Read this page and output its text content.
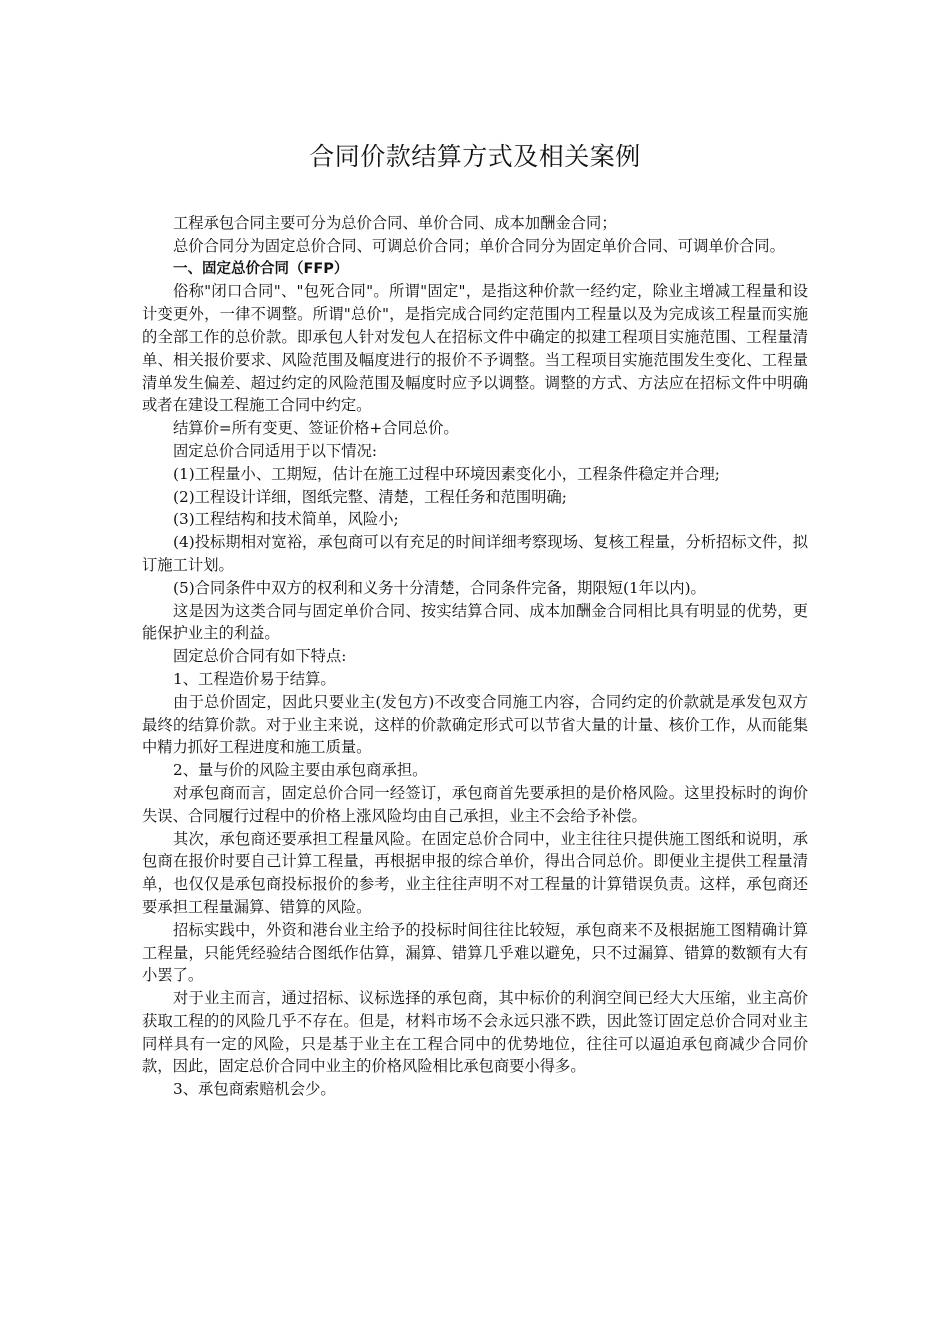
合同价款结算方式及相关案例

工程承包合同主要可分为总价合同、单价合同、成本加酬金合同；

总价合同分为固定总价合同、可调总价合同；单价合同分为固定单价合同、可调单价合同。

一、固定总价合同（FFP）

俗称"闭口合同"、"包死合同"。所谓"固定"，是指这种价款一经约定，除业主增减工程量和设计变更外，一律不调整。所谓"总价"，是指完成合同约定范围内工程量以及为完成该工程量而实施的全部工作的总价款。即承包人针对发包人在招标文件中确定的拟建工程项目实施范围、工程量清单、相关报价要求、风险范围及幅度进行的报价不予调整。当工程项目实施范围发生变化、工程量清单发生偏差、超过约定的风险范围及幅度时应予以调整。调整的方式、方法应在招标文件中明确或者在建设工程施工合同中约定。

结算价=所有变更、签证价格+合同总价。

固定总价合同适用于以下情况:

(1)工程量小、工期短，估计在施工过程中环境因素变化小，工程条件稳定并合理;

(2)工程设计详细，图纸完整、清楚，工程任务和范围明确;

(3)工程结构和技术简单，风险小;

(4)投标期相对宽裕，承包商可以有充足的时间详细考察现场、复核工程量，分析招标文件，拟订施工计划。

(5)合同条件中双方的权利和义务十分清楚，合同条件完备，期限短(1年以内)。

这是因为这类合同与固定单价合同、按实结算合同、成本加酬金合同相比具有明显的优势，更能保护业主的利益。

固定总价合同有如下特点:

1、工程造价易于结算。

由于总价固定，因此只要业主(发包方)不改变合同施工内容，合同约定的价款就是承发包双方最终的结算价款。对于业主来说，这样的价款确定形式可以节省大量的计量、核价工作，从而能集中精力抓好工程进度和施工质量。

2、量与价的风险主要由承包商承担。

对承包商而言，固定总价合同一经签订，承包商首先要承担的是价格风险。这里投标时的询价失误、合同履行过程中的价格上涨风险均由自己承担，业主不会给予补偿。

其次，承包商还要承担工程量风险。在固定总价合同中，业主往往只提供施工图纸和说明，承包商在报价时要自己计算工程量，再根据申报的综合单价，得出合同总价。即便业主提供工程量清单，也仅仅是承包商投标报价的参考，业主往往声明不对工程量的计算错误负责。这样，承包商还要承担工程量漏算、错算的风险。

招标实践中，外资和港台业主给予的投标时间往往比较短，承包商来不及根据施工图精确计算工程量，只能凭经验结合图纸作估算，漏算、错算几乎难以避免，只不过漏算、错算的数额有大有小罢了。

对于业主而言，通过招标、议标选择的承包商，其中标价的利润空间已经大大压缩，业主高价获取工程的的风险几乎不存在。但是，材料市场不会永远只涨不跌，因此签订固定总价合同对业主同样具有一定的风险，只是基于业主在工程合同中的优势地位，往往可以逼迫承包商减少合同价款，因此，固定总价合同中业主的价格风险相比承包商要小得多。

3、承包商索赔机会少。
